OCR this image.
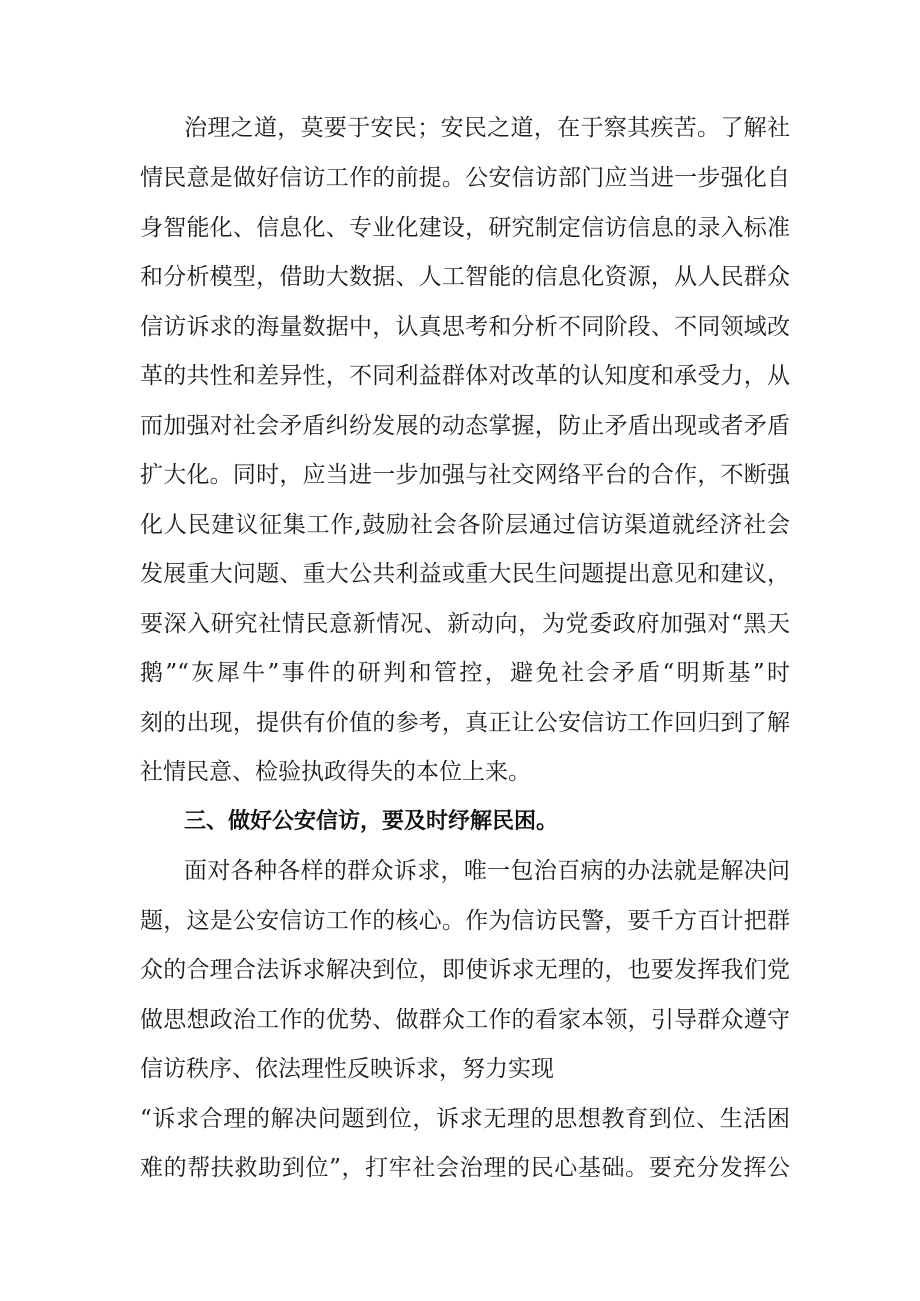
治理之道，莫要于安民；安民之道，在于察其疾苦。了解社
情民意是做好信访工作的前提。公安信访部门应当进一步强化自
身智能化、信息化、专业化建设，研究制定信访信息的录入标准
和分析模型，借助大数据、人工智能的信息化资源，从人民群众
信访诉求的海量数据中，认真思考和分析不同阶段、不同领域改
革的共性和差异性，不同利益群体对改革的认知度和承受力，从
而加强对社会矛盾纠纷发展的动态掌握，防止矛盾出现或者矛盾
扩大化。同时，应当进一步加强与社交网络平台的合作，不断强
化人民建议征集工作,鼓励社会各阶层通过信访渠道就经济社会
发展重大问题、重大公共利益或重大民生问题提出意见和建议，
要深入研究社情民意新情况、新动向，为党委政府加强对“黑天
鹅”“灰犀牛”事件的研判和管控，避免社会矛盾“明斯基”时
刻的出现，提供有价值的参考，真正让公安信访工作回归到了解
社情民意、检验执政得失的本位上来。
三、做好公安信访，要及时纾解民困。
面对各种各样的群众诉求，唯一包治百病的办法就是解决问
题，这是公安信访工作的核心。作为信访民警，要千方百计把群
众的合理合法诉求解决到位，即使诉求无理的，也要发挥我们党
做思想政治工作的优势、做群众工作的看家本领，引导群众遵守
信访秩序、依法理性反映诉求，努力实现
“诉求合理的解决问题到位，诉求无理的思想教育到位、生活困
难的帮扶救助到位”，打牢社会治理的民心基础。要充分发挥公
